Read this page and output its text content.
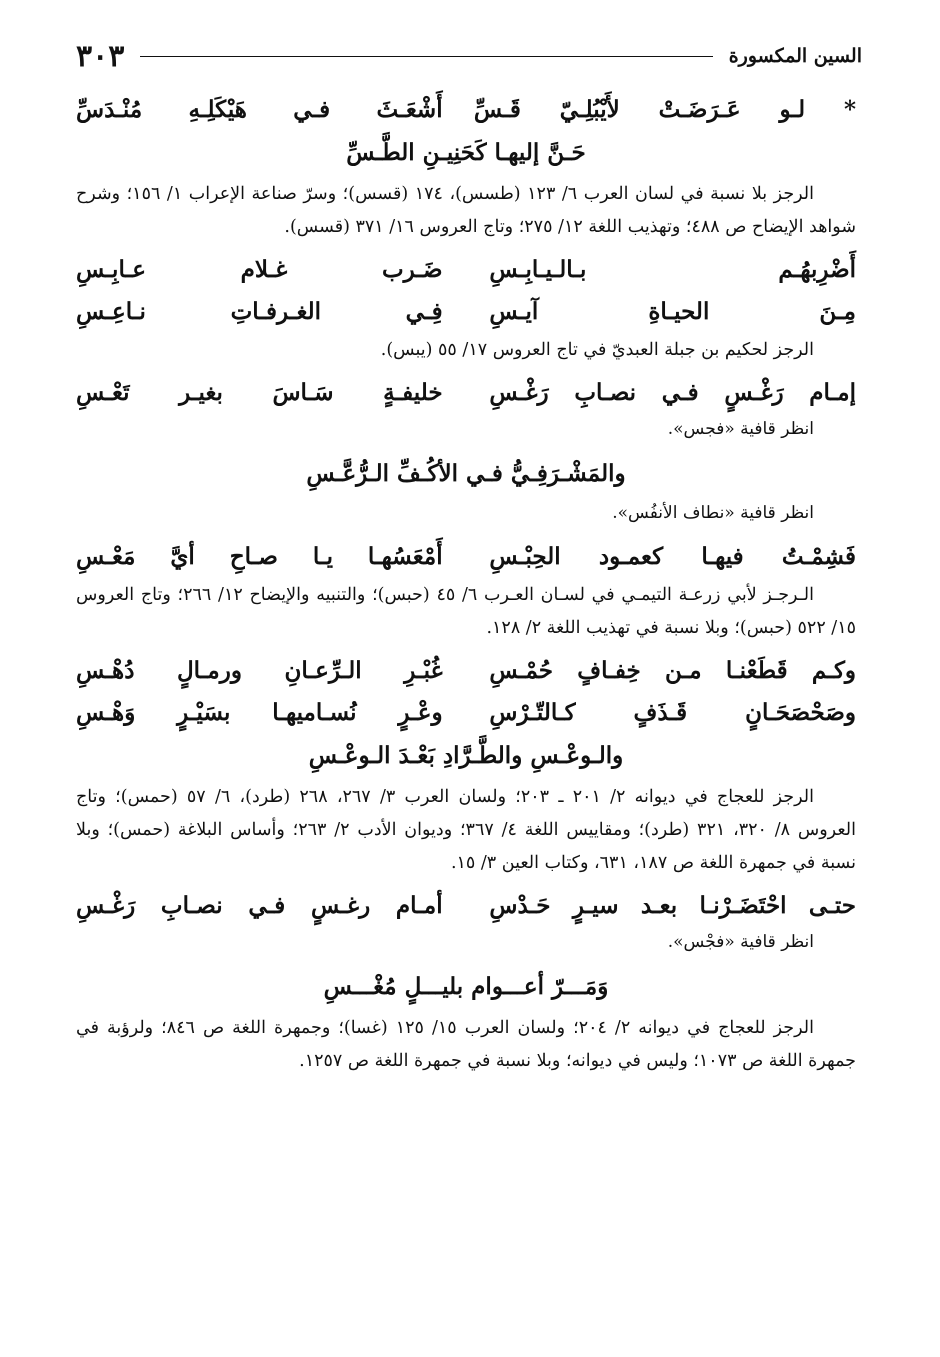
السين المكسورة
٣٠٣
* لـو عَـرَضَـتْ لأَيْبُلِـيّ قَـسِّ
أَشْعَـثَ فـي هَيْكَلِـهِ مُنْـدَسِّ
حَـنَّ إليهـا كَحَنِيـنِ الطَّـسِّ
الرجز بلا نسبة في لسان العرب ٦/ ١٢٣ (طسس)، ١٧٤ (قسس)؛ وسرّ صناعة الإعراب ١/ ١٥٦؛ وشرح شواهد الإيضاح ص ٤٨٨؛ وتهذيب اللغة ١٢/ ٢٧٥؛ وتاج العروس ١٦/ ٣٧١ (قسس).
أَضْرِبهُـم بـالـيـابِـسِ
ضَـرب غـلام عـابِـسِ
مِـنَ الحيـاةِ آيـسِ
فِـي الغـرفـاتِ نـاعِـسِ
الرجز لحكيم بن جبلة العبديّ في تاج العروس ١٧/ ٥٥ (يبس).
إمـام رَغْـسٍ فـي نصـابِ رَغْـسِ
خليفـةٍ سَـاسَ بغيـر تَعْـسِ
انظر قافية «فجس».
والمَشْـرَفِـيُّ فـي الأكُـفِّ الـرُّعَّـسِ
انظر قافية «نطاف الأنفُس».
فَشِمْـتُ فيهـا كعمـود الحِبْـسِ
أَمْعَسُهـا يـا صـاحِ أيَّ مَعْـسِ
الـرجـز لأبي زرعـة التيمـي في لسـان العـرب ٦/ ٤٥ (حبس)؛ والتنبيه والإيضاح ١٢/ ٢٦٦؛ وتاج العروس ١٥/ ٥٢٢ (حبس)؛ وبلا نسبة في تهذيب اللغة ٢/ ١٢٨.
وكـم قَطَعْنـا مـن خِفـافٍ حُمْـسِ
غُبْـرِ الـرِّعـانِ ورمـالٍ دُهْـسِ
وصَحْصَحَـانٍ قَـذَفٍ كـالتّـرْسِ
وعْـرٍ نُسـاميهـا بسَيْـرٍ وَهْـسِ
والـوعْـسِ والطَّـرَّادِ بَعْـدَ الـوعْـسِ
الرجز للعجاج في ديوانه ٢/ ٢٠١ ـ ٢٠٣؛ ولسان العرب ٣/ ٢٦٧، ٢٦٨ (طرد)، ٦/ ٥٧ (حمس)؛ وتاج العروس ٨/ ٣٢٠، ٣٢١ (طرد)؛ ومقاييس اللغة ٤/ ٣٦٧؛ وديوان الأدب ٢/ ٢٦٣؛ وأساس البلاغة (حمس)؛ وبلا نسبة في جمهرة اللغة ص ١٨٧، ٦٣١، وكتاب العين ٣/ ١٥.
حتـى احْتَضَـرْنـا بعـد سيـرٍ حَـدْسِ
أمـام رغـسٍ فـي نصـابِ رَغْـسِ
انظر قافية «فجْس».
وَمَـــرّ أعـــوام بليـــلٍ مُغْـــسِ
الرجز للعجاج في ديوانه ٢/ ٢٠٤؛ ولسان العرب ١٥/ ١٢٥ (غسا)؛ وجمهرة اللغة ص ٨٤٦؛ ولرؤبة في جمهرة اللغة ص ١٠٧٣؛ وليس في ديوانه؛ وبلا نسبة في جمهرة اللغة ص ١٢٥٧.
